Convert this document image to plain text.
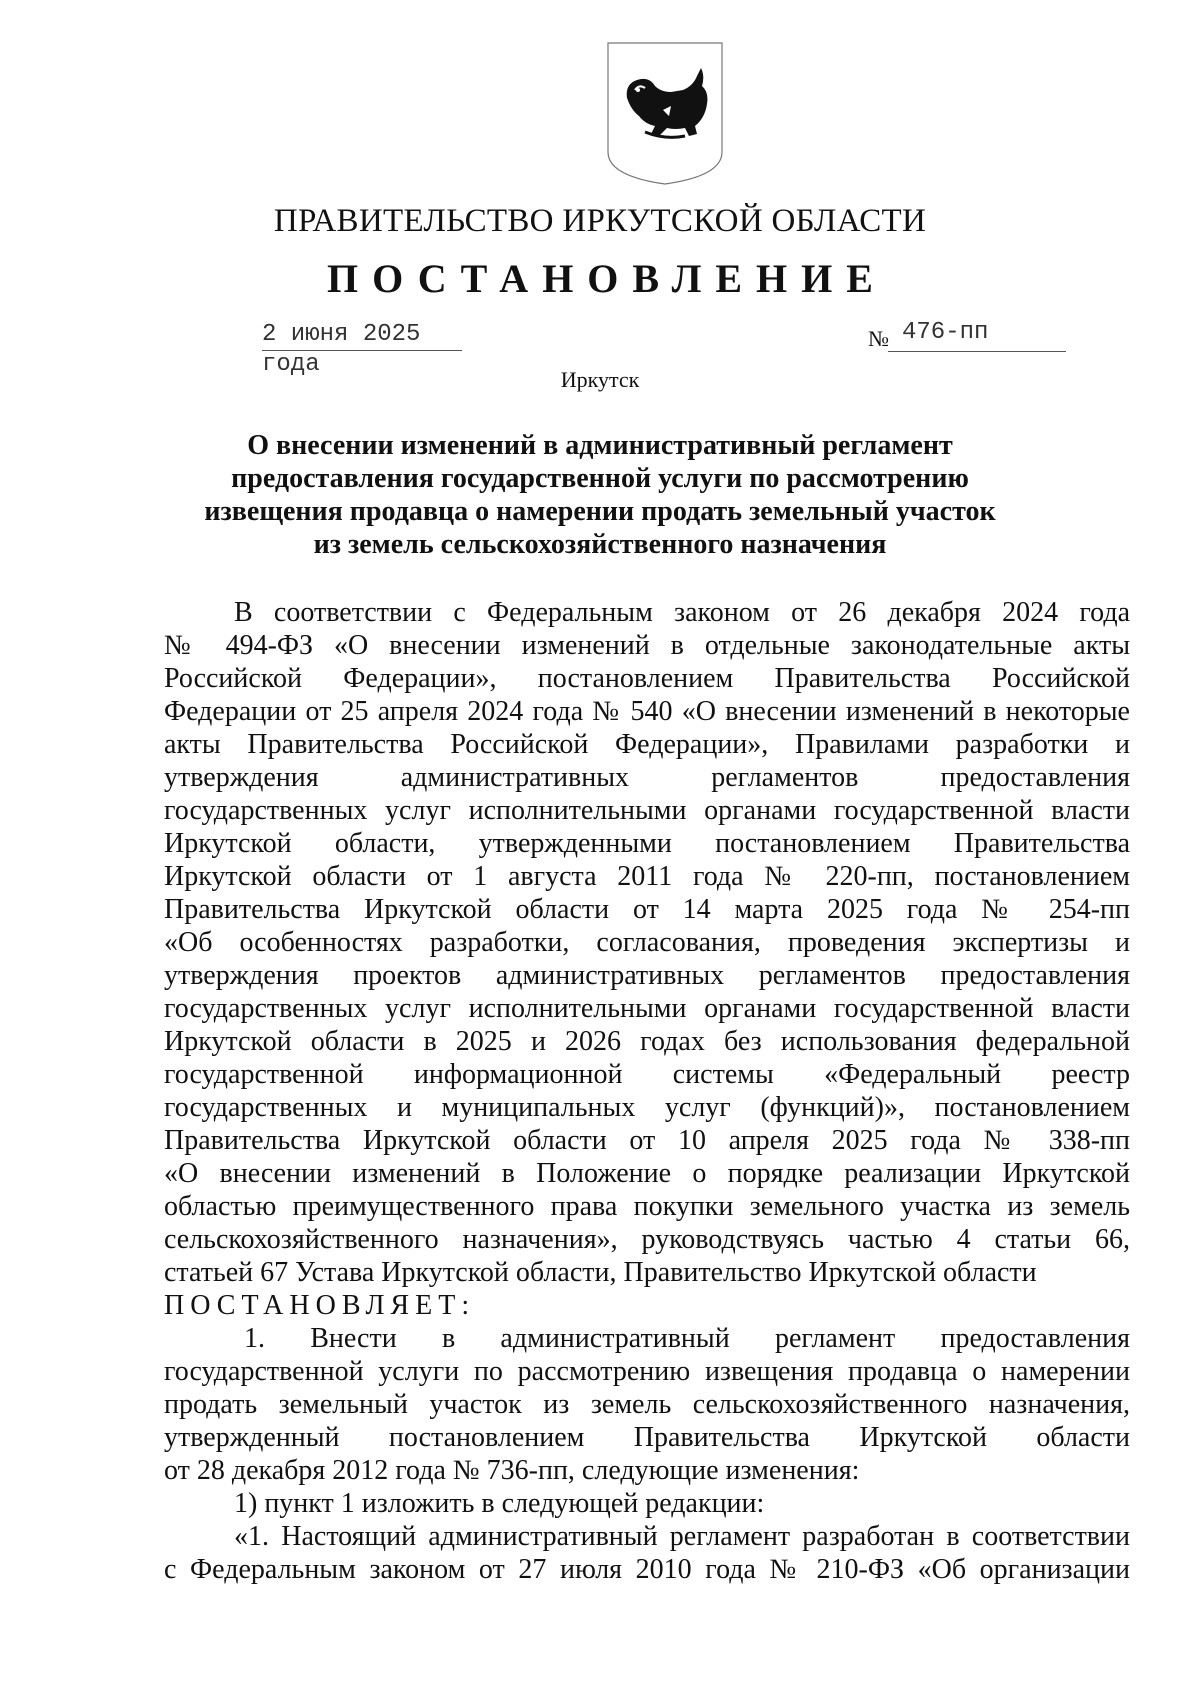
ПРАВИТЕЛЬСТВО ИРКУТСКОЙ ОБЛАСТИ
ПОСТАНОВЛЕНИЕ
2 июня 2025 года
№ 476-пп
Иркутск
О внесении изменений в административный регламент
предоставления государственной услуги по рассмотрению
извещения продавца о намерении продать земельный участок
из земель сельскохозяйственного назначения
В соответствии с Федеральным законом от 26 декабря 2024 года
№ 494-ФЗ «О внесении изменений в отдельные законодательные акты
Российской Федерации», постановлением Правительства Российской
Федерации от 25 апреля 2024 года № 540 «О внесении изменений в некоторые
акты Правительства Российской Федерации», Правилами разработки и
утверждения административных регламентов предоставления
государственных услуг исполнительными органами государственной власти
Иркутской области, утвержденными постановлением Правительства
Иркутской области от 1 августа 2011 года № 220-пп, постановлением
Правительства Иркутской области от 14 марта 2025 года № 254-пп
«Об особенностях разработки, согласования, проведения экспертизы и
утверждения проектов административных регламентов предоставления
государственных услуг исполнительными органами государственной власти
Иркутской области в 2025 и 2026 годах без использования федеральной
государственной информационной системы «Федеральный реестр
государственных и муниципальных услуг (функций)», постановлением
Правительства Иркутской области от 10 апреля 2025 года № 338-пп
«О внесении изменений в Положение о порядке реализации Иркутской
областью преимущественного права покупки земельного участка из земель
сельскохозяйственного назначения», руководствуясь частью 4 статьи 66,
статьей 67 Устава Иркутской области, Правительство Иркутской области
ПОСТАНОВЛЯЕТ:
1. Внести в административный регламент предоставления
государственной услуги по рассмотрению извещения продавца о намерении
продать земельный участок из земель сельскохозяйственного назначения,
утвержденный постановлением Правительства Иркутской области
от 28 декабря 2012 года № 736-пп, следующие изменения:
1) пункт 1 изложить в следующей редакции:
«1. Настоящий административный регламент разработан в соответствии
с Федеральным законом от 27 июля 2010 года № 210-ФЗ «Об организации
